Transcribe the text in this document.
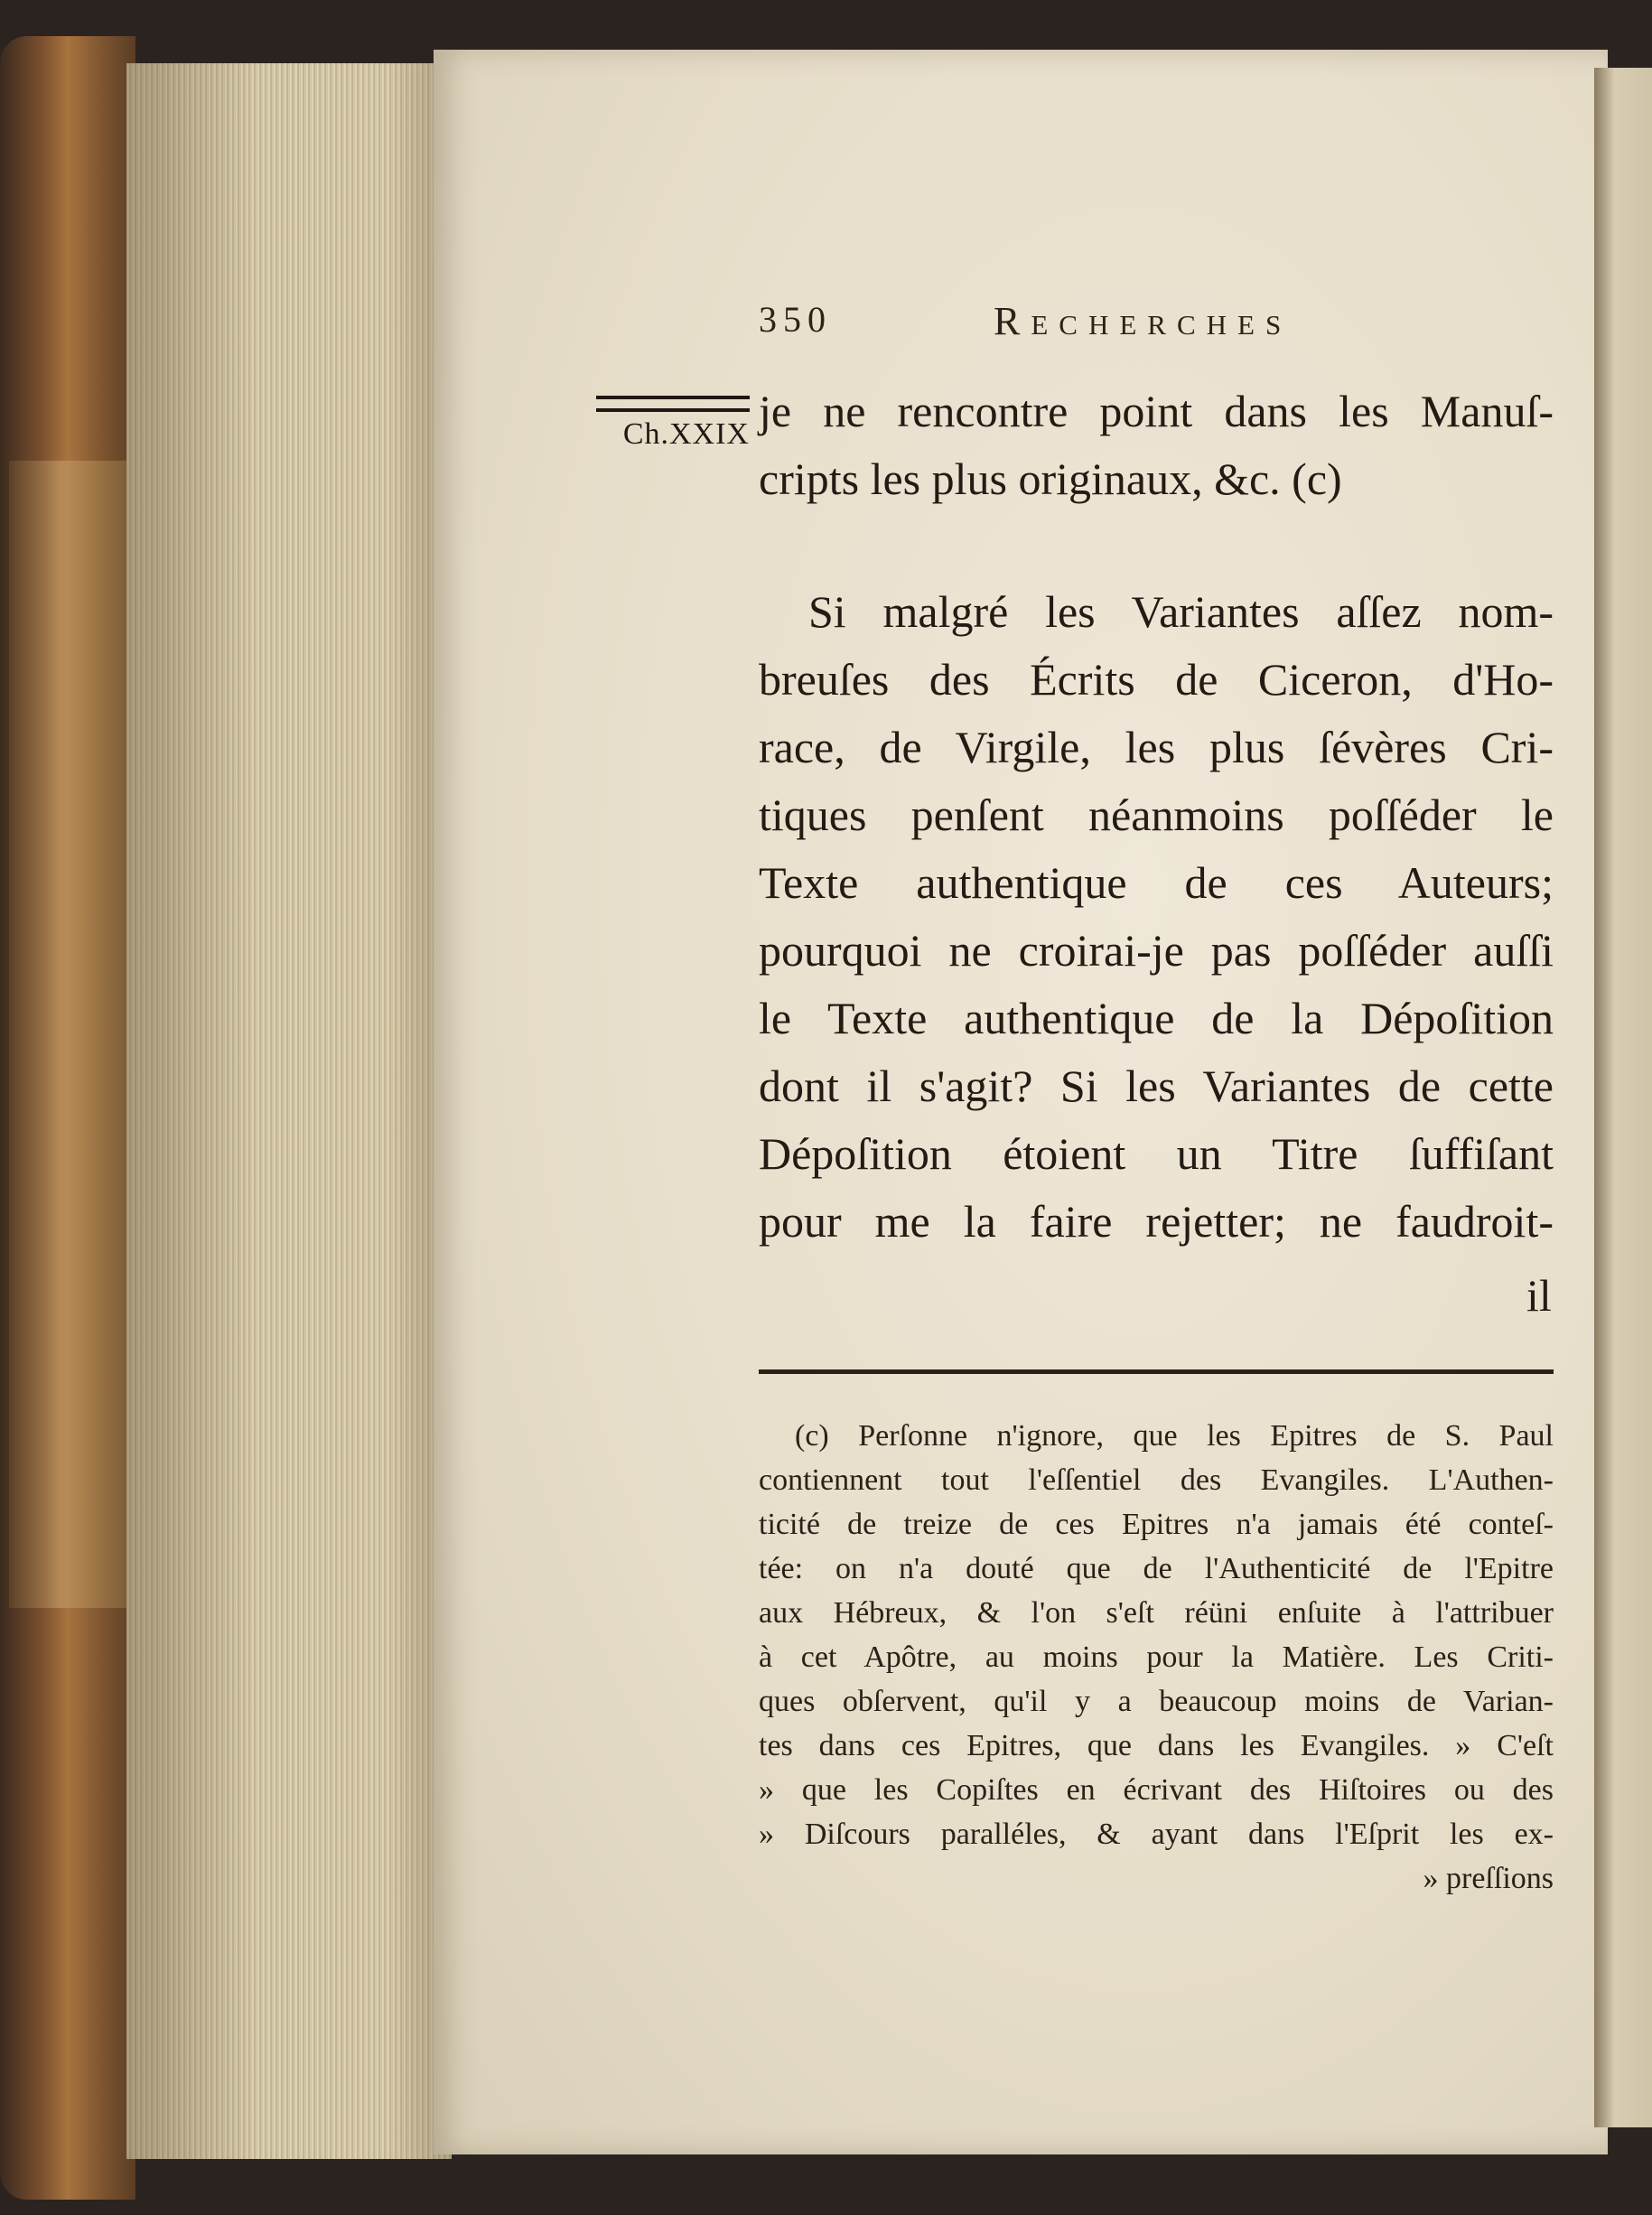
350	Recherches
Ch.XXIX je ne rencontre point dans les Manuſ-
cripts les plus originaux, &c. (c)
Si malgré les Variantes aſſez nom-
breuſes des Écrits de Ciceron, d'Ho-
race, de Virgile, les plus ſévères Cri-
tiques penſent néanmoins poſſéder le
Texte authentique de ces Auteurs;
pourquoi ne croirai-je pas poſſéder auſſi
le Texte authentique de la Dépoſition
dont il s'agit? Si les Variantes de cette
Dépoſition étoient un Titre ſuffiſant
pour me la faire rejetter; ne faudroit-
il
(c) Perſonne n'ignore, que les Epitres de S. Paul
contiennent tout l'eſſentiel des Evangiles. L'Authen-
ticité de treize de ces Epitres n'a jamais été conteſ-
tée: on n'a douté que de l'Authenticité de l'Epitre
aux Hébreux, & l'on s'eſt réüni enſuite à l'attribuer
à cet Apôtre, au moins pour la Matière. Les Criti-
ques obſervent, qu'il y a beaucoup moins de Varian-
tes dans ces Epitres, que dans les Evangiles. » C'eſt
» que les Copiſtes en écrivant des Hiſtoires ou des
» Diſcours paralléles, & ayant dans l'Eſprit les ex-
» preſſions
